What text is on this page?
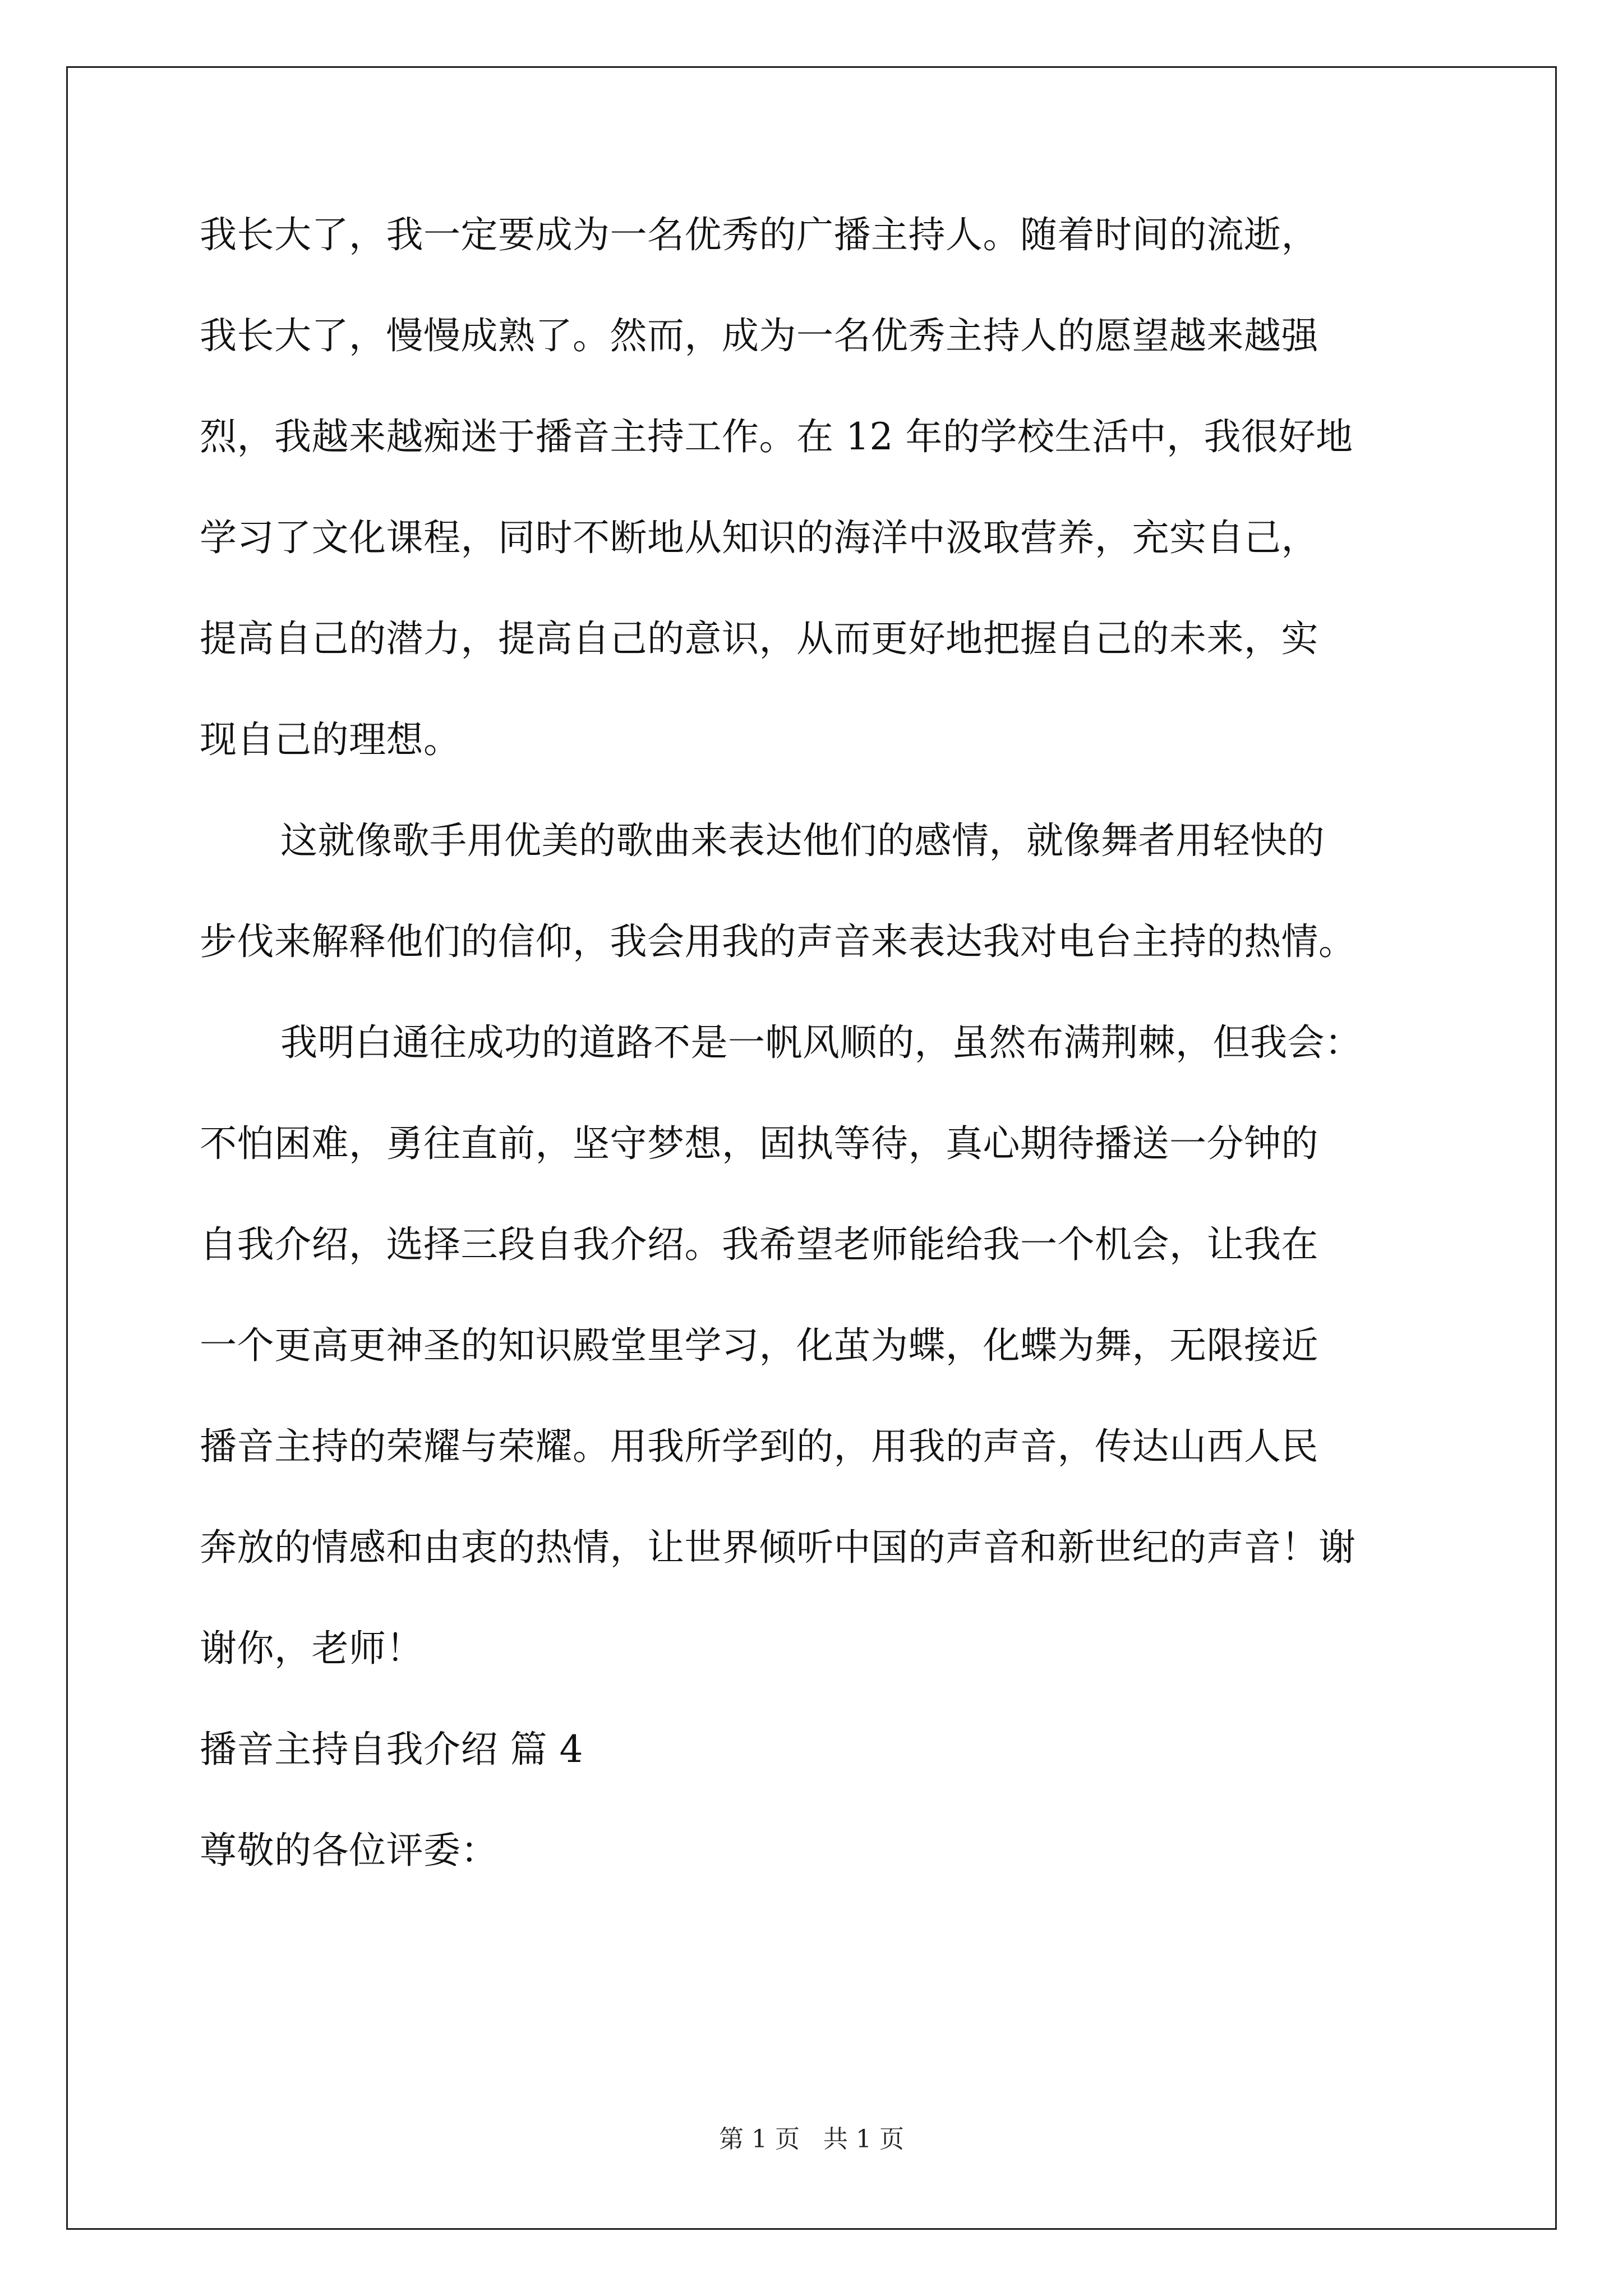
我长大了，我一定要成为一名优秀的广播主持人。随着时间的流逝，
我长大了，慢慢成熟了。然而，成为一名优秀主持人的愿望越来越强
烈，我越来越痴迷于播音主持工作。在 12 年的学校生活中，我很好地
学习了文化课程，同时不断地从知识的海洋中汲取营养，充实自己，
提高自己的潜力，提高自己的意识，从而更好地把握自己的未来，实
现自己的理想。
这就像歌手用优美的歌曲来表达他们的感情，就像舞者用轻快的
步伐来解释他们的信仰，我会用我的声音来表达我对电台主持的热情。
我明白通往成功的道路不是一帆风顺的，虽然布满荆棘，但我会：
不怕困难，勇往直前，坚守梦想，固执等待，真心期待播送一分钟的
自我介绍，选择三段自我介绍。我希望老师能给我一个机会，让我在
一个更高更神圣的知识殿堂里学习，化茧为蝶，化蝶为舞，无限接近
播音主持的荣耀与荣耀。用我所学到的，用我的声音，传达山西人民
奔放的情感和由衷的热情，让世界倾听中国的声音和新世纪的声音！谢
谢你，老师！
播音主持自我介绍 篇 4
尊敬的各位评委：
第 1 页   共 1 页
